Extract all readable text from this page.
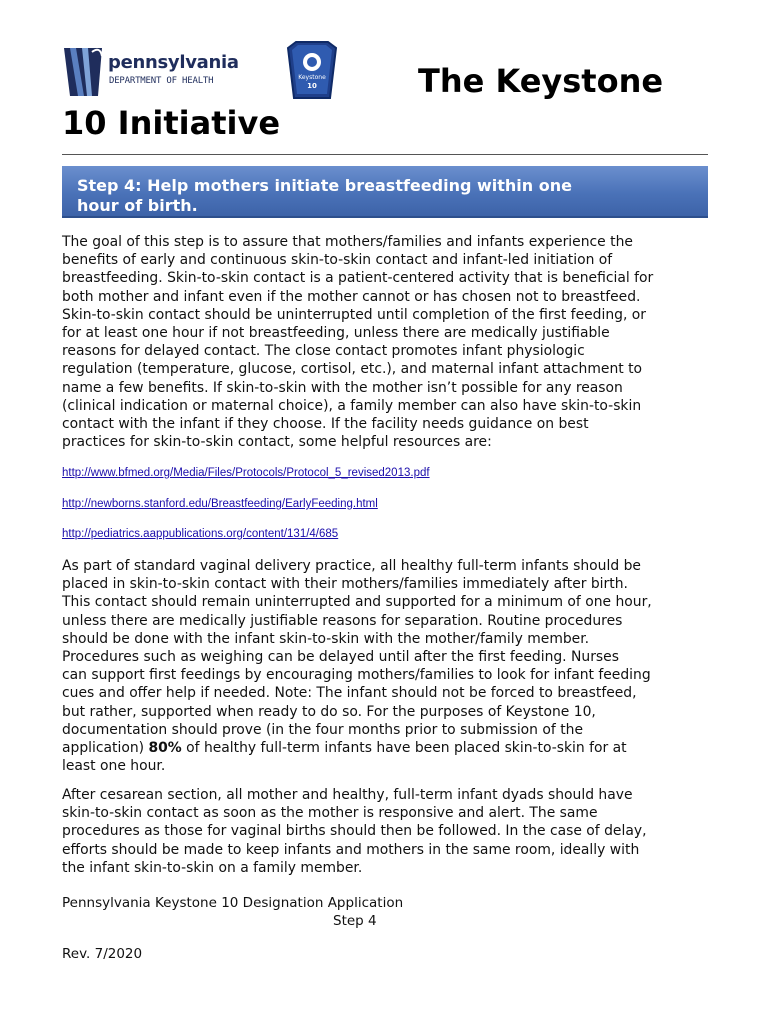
pennsylvania
DEPARTMENT OF HEALTH	Keystone
10	The Keystone
10 Initiative
Step 4: Help mothers initiate breastfeeding within one
hour of birth.

The goal of this step is to assure that mothers/families and infants experience the
benefits of early and continuous skin-to-skin contact and infant-led initiation of
breastfeeding. Skin-to-skin contact is a patient-centered activity that is beneficial for
both mother and infant even if the mother cannot or has chosen not to breastfeed.
Skin-to-skin contact should be uninterrupted until completion of the first feeding, or
for at least one hour if not breastfeeding, unless there are medically justifiable
reasons for delayed contact. The close contact promotes infant physiologic
regulation (temperature, glucose, cortisol, etc.), and maternal infant attachment to
name a few benefits. If skin-to-skin with the mother isn’t possible for any reason
(clinical indication or maternal choice), a family member can also have skin-to-skin
contact with the infant if they choose. If the facility needs guidance on best
practices for skin-to-skin contact, some helpful resources are:

http://www.bfmed.org/Media/Files/Protocols/Protocol_5_revised2013.pdf
http://newborns.stanford.edu/Breastfeeding/EarlyFeeding.html
http://pediatrics.aappublications.org/content/131/4/685

As part of standard vaginal delivery practice, all healthy full-term infants should be
placed in skin-to-skin contact with their mothers/families immediately after birth.
This contact should remain uninterrupted and supported for a minimum of one hour,
unless there are medically justifiable reasons for separation. Routine procedures
should be done with the infant skin-to-skin with the mother/family member.
Procedures such as weighing can be delayed until after the first feeding. Nurses
can support first feedings by encouraging mothers/families to look for infant feeding
cues and offer help if needed. Note: The infant should not be forced to breastfeed,
but rather, supported when ready to do so. For the purposes of Keystone 10,
documentation should prove (in the four months prior to submission of the
application) 80% of healthy full-term infants have been placed skin-to-skin for at
least one hour.

After cesarean section, all mother and healthy, full-term infant dyads should have
skin-to-skin contact as soon as the mother is responsive and alert. The same
procedures as those for vaginal births should then be followed. In the case of delay,
efforts should be made to keep infants and mothers in the same room, ideally with
the infant skin-to-skin on a family member.

Pennsylvania Keystone 10 Designation Application
Step 4
Rev. 7/2020
